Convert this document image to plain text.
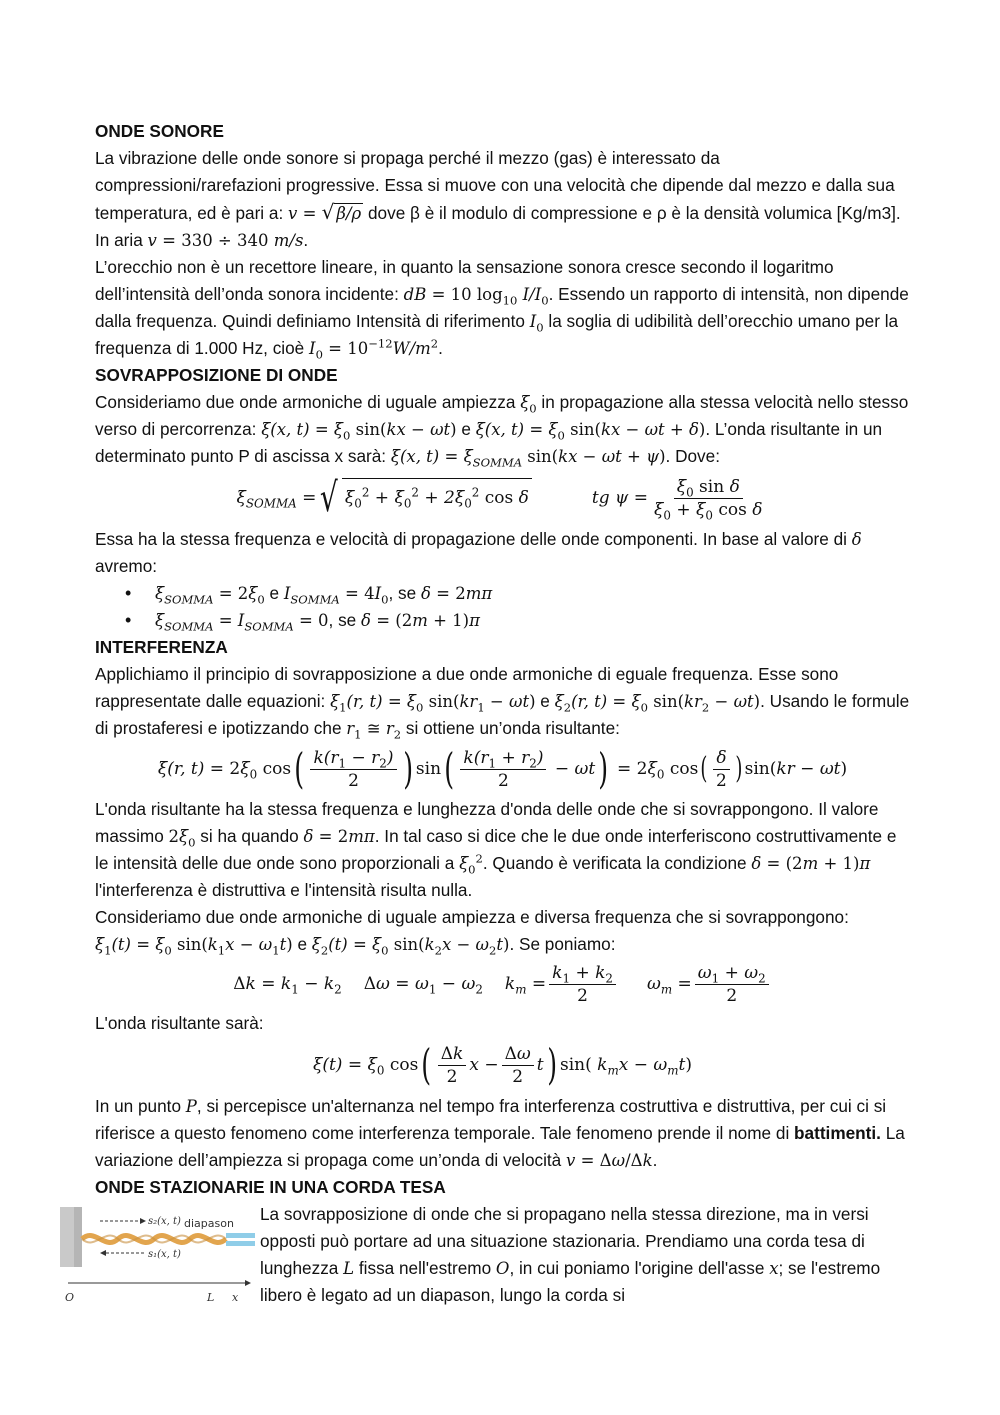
ONDE SONORE

La vibrazione delle onde sonore si propaga perché il mezzo (gas) è interessato da compressioni/rarefazioni progressive. Essa si muove con una velocità che dipende dal mezzo e dalla sua temperatura, ed è pari a: v = √ β/ρ dove β è il modulo di compressione e ρ è la densità volumica [Kg/m3]. In aria v = 330 ÷ 340 m/s.

L’orecchio non è un recettore lineare, in quanto la sensazione sonora cresce secondo il logaritmo dell’intensità dell’onda sonora incidente: dB = 10 $\log_{10} I/I_0$. Essendo un rapporto di intensità, non dipende dalla frequenza. Quindi definiamo Intensità di riferimento $I_0$ la soglia di udibilità dell’orecchio umano per la frequenza di 1.000 Hz, cioè $I_0 = 10^{-12}W/m^2$.

SOVRAPPOSIZIONE DI ONDE

Consideriamo due onde armoniche di uguale ampiezza $\xi_0$ in propagazione alla stessa velocità nello stesso verso di percorrenza: ξ(x, $t) = \xi_0$ sin(kx − ωt) e ξ(x, $t) = \xi_0$ sin(kx − ωt + δ). L’onda risultante in un determinato punto P di ascissa x sarà: ξ(x, $t) = \xi_{SOMMA}$ sin(kx − ωt + ψ). Dove:

$\xi_{SOMMA}$ = √ $\xi_0^2 + \xi_0^2 + 2\xi_0^2$ cos δ	tg $\psi = \frac{\xi_0 \sin \delta}{\xi_0 + \xi_0 \cos \delta}$

Essa ha la stessa frequenza e velocità di propagazione delle onde componenti. In base al valore di δ avremo:

• $\xi_{SOMMA} = 2\xi_0$ e $I_{SOMMA} = 4I_0$, se δ = 2mπ
• $\xi_{SOMMA} = I_{SOMMA} = 0$, se δ = (2m + 1)π

INTERFERENZA

Applichiamo il principio di sovrapposizione a due onde armoniche di eguale frequenza. Esse sono rappresentate dalle equazioni: $\xi_1(r$, $t) = \xi_0$ $\sin(kr_1 - \omega t)$ e $\xi_2(r$, $t) = \xi_0$ $\sin(kr_2 - \omega t)$. Usando le formule di prostaferesi e ipotizzando che $r_1$ ≅ $r_2$ si ottiene un’onda risultante:

ξ(r, $t) = 2\xi_0$ cos ( $\frac{k(r_1 - r_2)}{2}$ ) sin ( $\frac{k(r_1 + r_2)}{2} - \omega t$ ) = $2\xi_0$ cos ( $\frac{\delta}{2}$ ) sin(kr − ωt)

L'onda risultante ha la stessa frequenza e lunghezza d'onda delle onde che si sovrappongono. Il valore massimo $2\xi_0$ si ha quando δ = 2mπ. In tal caso si dice che le due onde interferiscono costruttivamente e le intensità delle due onde sono proporzionali a $\xi_0^2$. Quando è verificata la condizione δ = (2m + 1)π l'interferenza è distruttiva e l'intensità risulta nulla.

Consideriamo due onde armoniche di uguale ampiezza e diversa frequenza che si sovrappongono: $\xi_1(t) = \xi_0$ $\sin(k_1x - \omega_1t)$ e $\xi_2(t) = \xi_0$ $\sin(k_2x - \omega_2t)$. Se poniamo:

$\Delta k = k_1 - k_2$ $\Delta\omega = \omega_1 - \omega_2$ $k_m = \frac{k_1 + k_2}{2} \omega_m = \frac{\omega_1 + \omega_2}{2}$

L'onda risultante sarà:

$\xi(t) = \xi_0$ cos ( $\frac{\Delta k}{2}$ $x - \frac{\Delta\omega}{2}$ t ) sin( $k_mx - \omega_mt$)

In un punto P, si percepisce un'alternanza nel tempo fra interferenza costruttiva e distruttiva, per cui ci si riferisce a questo fenomeno come interferenza temporale. Tale fenomeno prende il nome di battimenti. La variazione dell’ampiezza si propaga come un’onda di velocità v = Δω/Δk.

ONDE STAZIONARIE IN UNA CORDA TESA

s₂(x, t)
s₁(x, t)
diapason
O	L x

La sovrapposizione di onde che si propagano nella stessa direzione, ma in versi opposti può portare ad una situazione stazionaria. Prendiamo una corda tesa di lunghezza L fissa nell'estremo O, in cui poniamo l'origine dell'asse x; se l'estremo libero è legato ad un diapason, lungo la corda si
